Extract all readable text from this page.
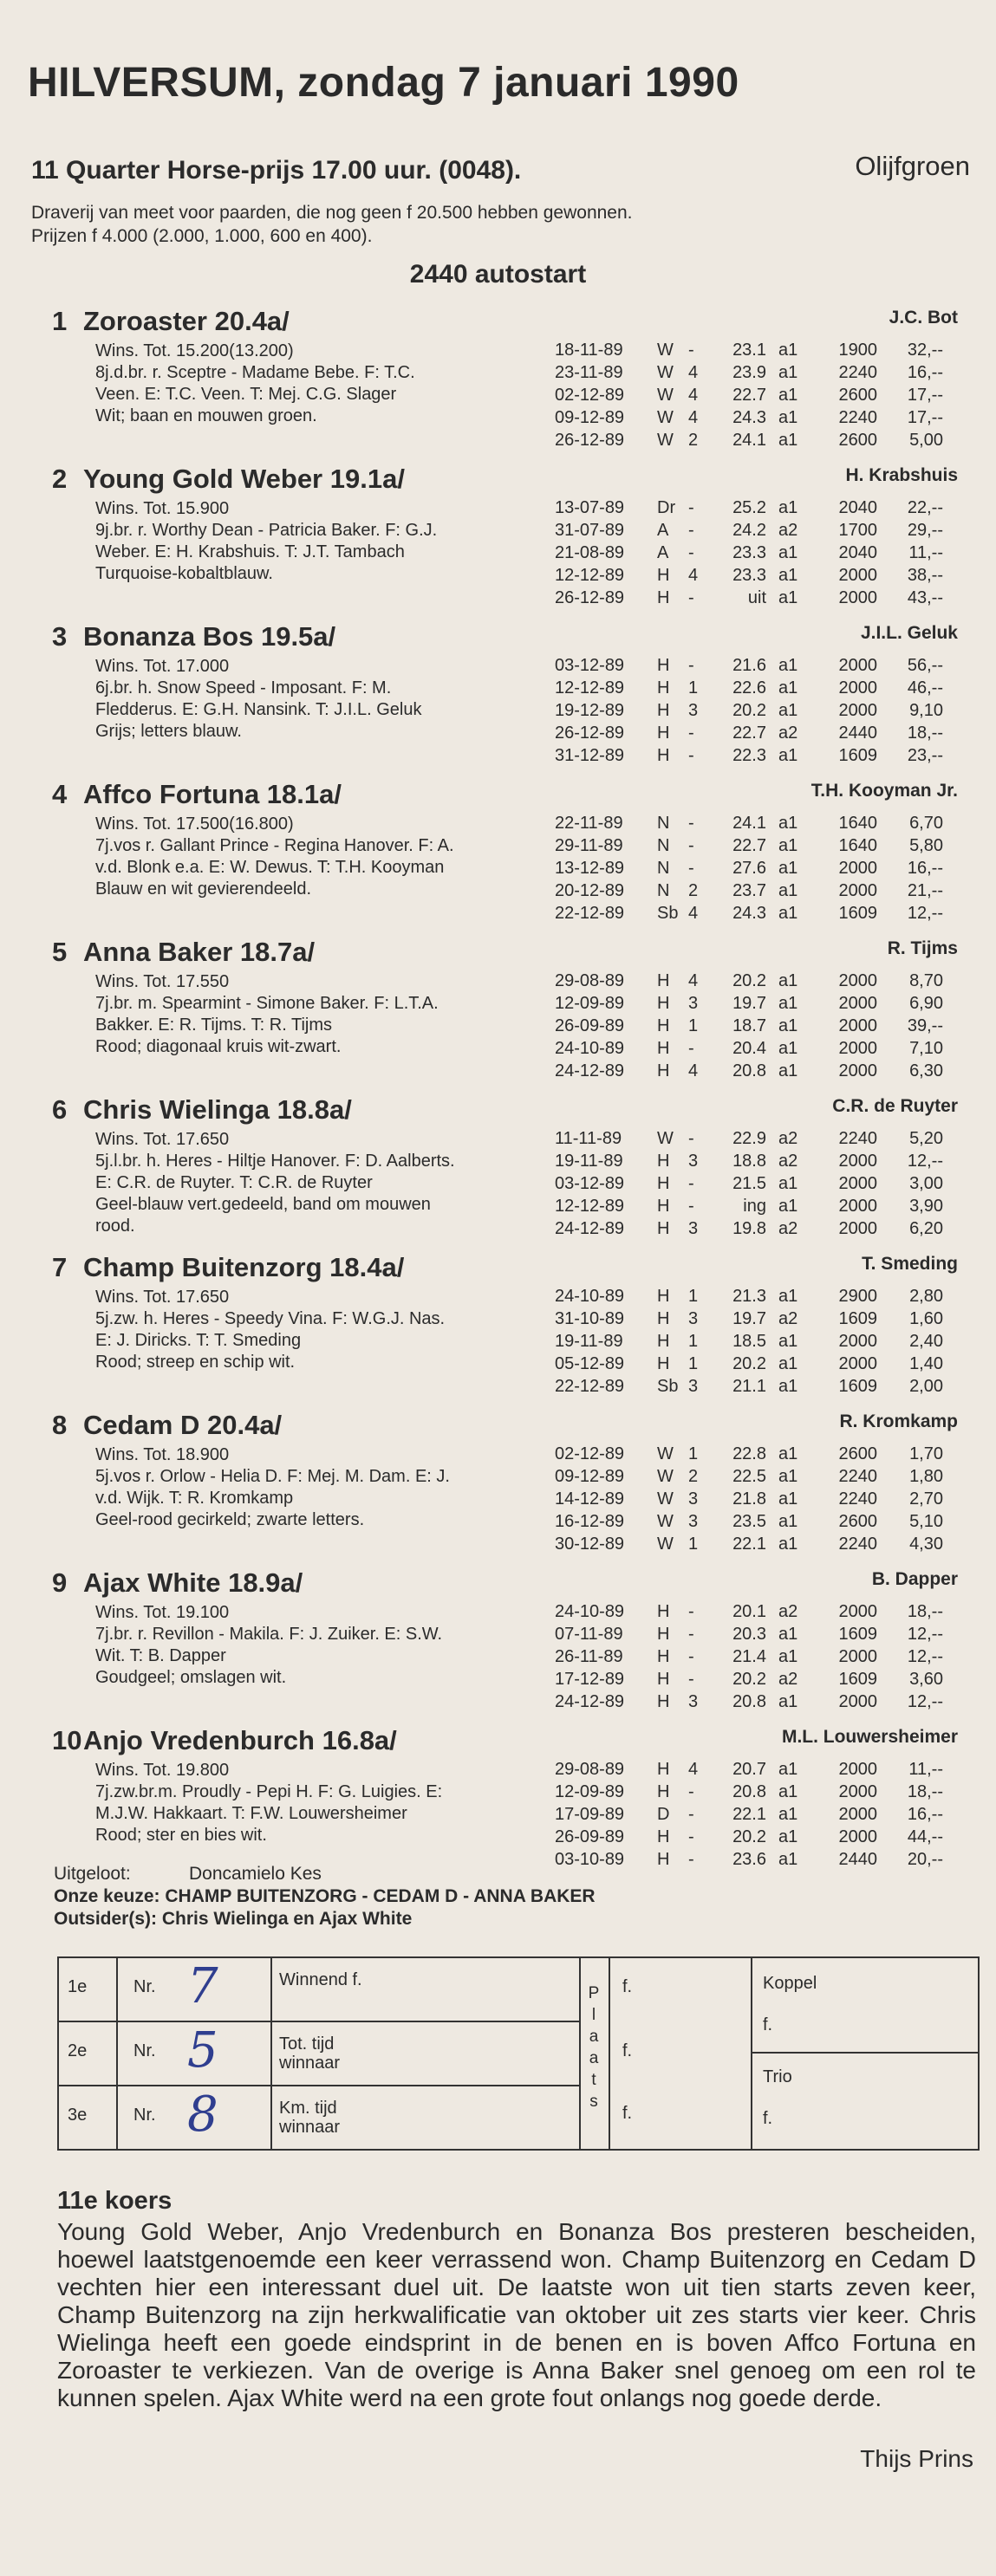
HILVERSUM, zondag 7 januari 1990
11 Quarter Horse-prijs 17.00 uur. (0048).	Olijfgroen
Draverij van meet voor paarden, die nog geen f 20.500 hebben gewonnen.
Prijzen f 4.000 (2.000, 1.000, 600 en 400).
2440 autostart
1 Zoroaster 20.4a/	J.C. Bot
Wins. Tot. 15.200(13.200)
8j.d.br. r. Sceptre - Madame Bebe. F: T.C.
Veen. E: T.C. Veen. T: Mej. C.G. Slager
Wit; baan en mouwen groen.
18-11-89	W	-	23.1	a1	1900	32,--
23-11-89	W	4	23.9	a1	2240	16,--
02-12-89	W	4	22.7	a1	2600	17,--
09-12-89	W	4	24.3	a1	2240	17,--
26-12-89	W	2	24.1	a1	2600	5,00
2 Young Gold Weber 19.1a/	H. Krabshuis
Wins. Tot. 15.900
9j.br. r. Worthy Dean - Patricia Baker. F: G.J.
Weber. E: H. Krabshuis. T: J.T. Tambach
Turquoise-kobaltblauw.
13-07-89	Dr	-	25.2	a1	2040	22,--
31-07-89	A	-	24.2	a2	1700	29,--
21-08-89	A	-	23.3	a1	2040	11,--
12-12-89	H	4	23.3	a1	2000	38,--
26-12-89	H	-	uit	a1	2000	43,--
3 Bonanza Bos 19.5a/	J.I.L. Geluk
Wins. Tot. 17.000
6j.br. h. Snow Speed - Imposant. F: M.
Fledderus. E: G.H. Nansink. T: J.I.L. Geluk
Grijs; letters blauw.
03-12-89	H	-	21.6	a1	2000	56,--
12-12-89	H	1	22.6	a1	2000	46,--
19-12-89	H	3	20.2	a1	2000	9,10
26-12-89	H	-	22.7	a2	2440	18,--
31-12-89	H	-	22.3	a1	1609	23,--
4 Affco Fortuna 18.1a/	T.H. Kooyman Jr.
Wins. Tot. 17.500(16.800)
7j.vos r. Gallant Prince - Regina Hanover. F: A.
v.d. Blonk e.a. E: W. Dewus. T: T.H. Kooyman
Blauw en wit gevierendeeld.
22-11-89	N	-	24.1	a1	1640	6,70
29-11-89	N	-	22.7	a1	1640	5,80
13-12-89	N	-	27.6	a1	2000	16,--
20-12-89	N	2	23.7	a1	2000	21,--
22-12-89	Sb	4	24.3	a1	1609	12,--
5 Anna Baker 18.7a/	R. Tijms
Wins. Tot. 17.550
7j.br. m. Spearmint - Simone Baker. F: L.T.A.
Bakker. E: R. Tijms. T: R. Tijms
Rood; diagonaal kruis wit-zwart.
29-08-89	H	4	20.2	a1	2000	8,70
12-09-89	H	3	19.7	a1	2000	6,90
26-09-89	H	1	18.7	a1	2000	39,--
24-10-89	H	-	20.4	a1	2000	7,10
24-12-89	H	4	20.8	a1	2000	6,30
6 Chris Wielinga 18.8a/	C.R. de Ruyter
Wins. Tot. 17.650
5j.l.br. h. Heres - Hiltje Hanover. F: D. Aalberts.
E: C.R. de Ruyter. T: C.R. de Ruyter
Geel-blauw vert.gedeeld, band om mouwen
rood.
11-11-89	W	-	22.9	a2	2240	5,20
19-11-89	H	3	18.8	a2	2000	12,--
03-12-89	H	-	21.5	a1	2000	3,00
12-12-89	H	-	ing	a1	2000	3,90
24-12-89	H	3	19.8	a2	2000	6,20
7 Champ Buitenzorg 18.4a/	T. Smeding
Wins. Tot. 17.650
5j.zw. h. Heres - Speedy Vina. F: W.G.J. Nas.
E: J. Diricks. T: T. Smeding
Rood; streep en schip wit.
24-10-89	H	1	21.3	a1	2900	2,80
31-10-89	H	3	19.7	a2	1609	1,60
19-11-89	H	1	18.5	a1	2000	2,40
05-12-89	H	1	20.2	a1	2000	1,40
22-12-89	Sb	3	21.1	a1	1609	2,00
8 Cedam D 20.4a/	R. Kromkamp
Wins. Tot. 18.900
5j.vos r. Orlow - Helia D. F: Mej. M. Dam. E: J.
v.d. Wijk. T: R. Kromkamp
Geel-rood gecirkeld; zwarte letters.
02-12-89	W	1	22.8	a1	2600	1,70
09-12-89	W	2	22.5	a1	2240	1,80
14-12-89	W	3	21.8	a1	2240	2,70
16-12-89	W	3	23.5	a1	2600	5,10
30-12-89	W	1	22.1	a1	2240	4,30
9 Ajax White 18.9a/	B. Dapper
Wins. Tot. 19.100
7j.br. r. Revillon - Makila. F: J. Zuiker. E: S.W.
Wit. T: B. Dapper
Goudgeel; omslagen wit.
24-10-89	H	-	20.1	a2	2000	18,--
07-11-89	H	-	20.3	a1	1609	12,--
26-11-89	H	-	21.4	a1	2000	12,--
17-12-89	H	-	20.2	a2	1609	3,60
24-12-89	H	3	20.8	a1	2000	12,--
10 Anjo Vredenburch 16.8a/	M.L. Louwersheimer
Wins. Tot. 19.800
7j.zw.br.m. Proudly - Pepi H. F: G. Luigies. E:
M.J.W. Hakkaart. T: F.W. Louwersheimer
Rood; ster en bies wit.
29-08-89	H	4	20.7	a1	2000	11,--
12-09-89	H	-	20.8	a1	2000	18,--
17-09-89	D	-	22.1	a1	2000	16,--
26-09-89	H	-	20.2	a1	2000	44,--
03-10-89	H	-	23.6	a1	2440	20,--
Uitgeloot:	Doncamielo Kes
Onze keuze: CHAMP BUITENZORG - CEDAM D - ANNA BAKER
Outsider(s): Chris Wielinga en Ajax White
1e	Nr. 7	Winnend f.
2e	Nr. 5	Tot. tijd
winnaar
3e	Nr. 8	Km. tijd
winnaar
P
l
a
a
t
s
f.
f.
f.
Koppel
f.
Trio
f.
11e koers
Young Gold Weber, Anjo Vredenburch en Bonanza Bos presteren bescheiden, hoewel laatstgenoemde een keer verrassend won. Champ Buitenzorg en Cedam D vechten hier een interessant duel uit. De laatste won uit tien starts zeven keer, Champ Buitenzorg na zijn herkwalificatie van oktober uit zes starts vier keer. Chris Wielinga heeft een goede eindsprint in de benen en is boven Affco Fortuna en Zoroaster te verkiezen. Van de overige is Anna Baker snel genoeg om een rol te kunnen spelen. Ajax White werd na een grote fout onlangs nog goede derde.
Thijs Prins
